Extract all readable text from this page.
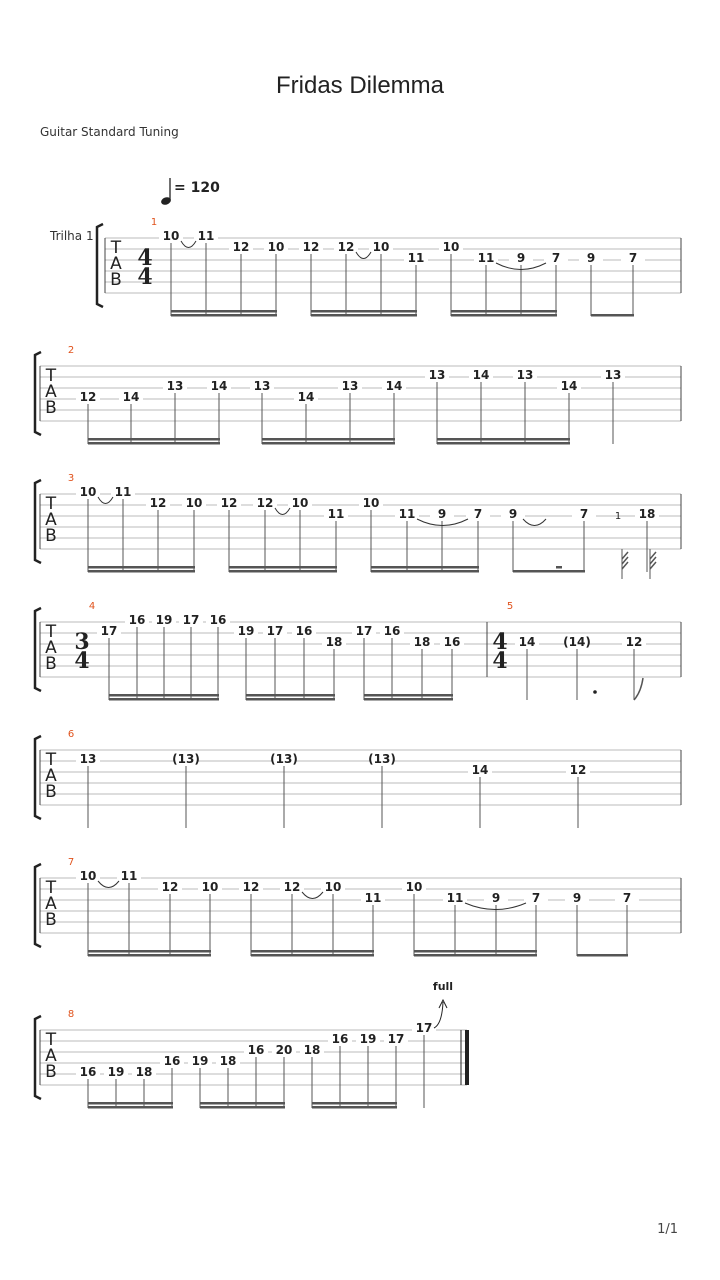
Fridas Dilemma
Guitar Standard Tuning
Trilha 1
= 120
1/1
T
A
B
1
4
4
10 11
12 10 12 12 10
11
10
11 9 7 9	7
T
A
B
2
12 14
13 14 13
14
13 14
13 14 13
14
13
T
A
B
3
10 11
12 10 12 12 10
11
10
11 9 7 9	7	18
1
T
A
B
4	5
3
4
4
4
17
16 19 17 16
19 17 16
18
17 16
18 16	14 (14)	12
T
A
B
6
13	(13)	(13)	(13)
14	12
T
A
B
7
10 11
12 10 12 12 10
11
10
11 9	7	9	7
T
A
B
8
16 19 18
16 19 18
16 20 18
16 19 17
17
full
